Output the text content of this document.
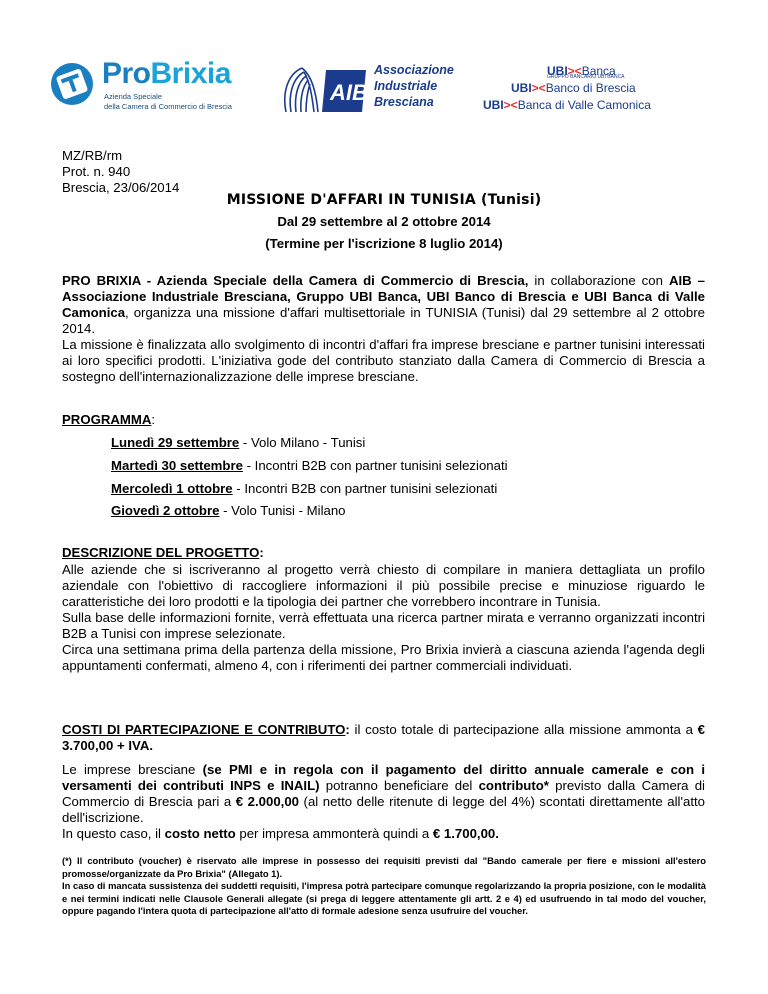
ProBrixia
Azienda Speciale
della Camera di Commercio di Brescia
AIB
Associazione
Industriale
Bresciana
UBI><Banca
GRUPPO BANCARIO UBI BANCA
UBI><Banco di Brescia
UBI><Banca di Valle Camonica
MZ/RB/rm
Prot. n. 940
Brescia, 23/06/2014
MISSIONE D'AFFARI IN TUNISIA (Tunisi)
Dal 29 settembre al 2 ottobre 2014
(Termine per l'iscrizione 8 luglio 2014)
PRO BRIXIA - Azienda Speciale della Camera di Commercio di Brescia, in collaborazione con AIB – Associazione Industriale Bresciana, Gruppo UBI Banca, UBI Banco di Brescia e UBI Banca di Valle Camonica, organizza una missione d'affari multisettoriale in TUNISIA (Tunisi) dal 29 settembre al 2 ottobre 2014.
La missione è finalizzata allo svolgimento di incontri d'affari fra imprese bresciane e partner tunisini interessati ai loro specifici prodotti. L'iniziativa gode del contributo stanziato dalla Camera di Commercio di Brescia a sostegno dell'internazionalizzazione delle imprese bresciane.
PROGRAMMA:
Lunedì 29 settembre - Volo Milano - Tunisi
Martedì 30 settembre - Incontri B2B con partner tunisini selezionati
Mercoledì 1 ottobre - Incontri B2B con partner tunisini selezionati
Giovedì 2 ottobre - Volo Tunisi - Milano
DESCRIZIONE DEL PROGETTO:
Alle aziende che si iscriveranno al progetto verrà chiesto di compilare in maniera dettagliata un profilo aziendale con l'obiettivo di raccogliere informazioni il più possibile precise e minuziose riguardo le caratteristiche dei loro prodotti e la tipologia dei partner che vorrebbero incontrare in Tunisia.
Sulla base delle informazioni fornite, verrà effettuata una ricerca partner mirata e verranno organizzati incontri B2B a Tunisi con imprese selezionate.
Circa una settimana prima della partenza della missione, Pro Brixia invierà a ciascuna azienda l'agenda degli appuntamenti confermati, almeno 4, con i riferimenti dei partner commerciali individuati.
COSTI DI PARTECIPAZIONE E CONTRIBUTO: il costo totale di partecipazione alla missione ammonta a € 3.700,00 + IVA.
Le imprese bresciane (se PMI e in regola con il pagamento del diritto annuale camerale e con i versamenti dei contributi INPS e INAIL) potranno beneficiare del contributo* previsto dalla Camera di Commercio di Brescia pari a € 2.000,00 (al netto delle ritenute di legge del 4%) scontati direttamente all'atto dell'iscrizione.
In questo caso, il costo netto per impresa ammonterà quindi a € 1.700,00.
(*) Il contributo (voucher) è riservato alle imprese in possesso dei requisiti previsti dal "Bando camerale per fiere e missioni all'estero promosse/organizzate da Pro Brixia" (Allegato 1).
In caso di mancata sussistenza dei suddetti requisiti, l'impresa potrà partecipare comunque regolarizzando la propria posizione, con le modalità e nei termini indicati nelle Clausole Generali allegate (si prega di leggere attentamente gli artt. 2 e 4) ed usufruendo in tal modo del voucher, oppure pagando l'intera quota di partecipazione all'atto di formale adesione senza usufruire del voucher.
